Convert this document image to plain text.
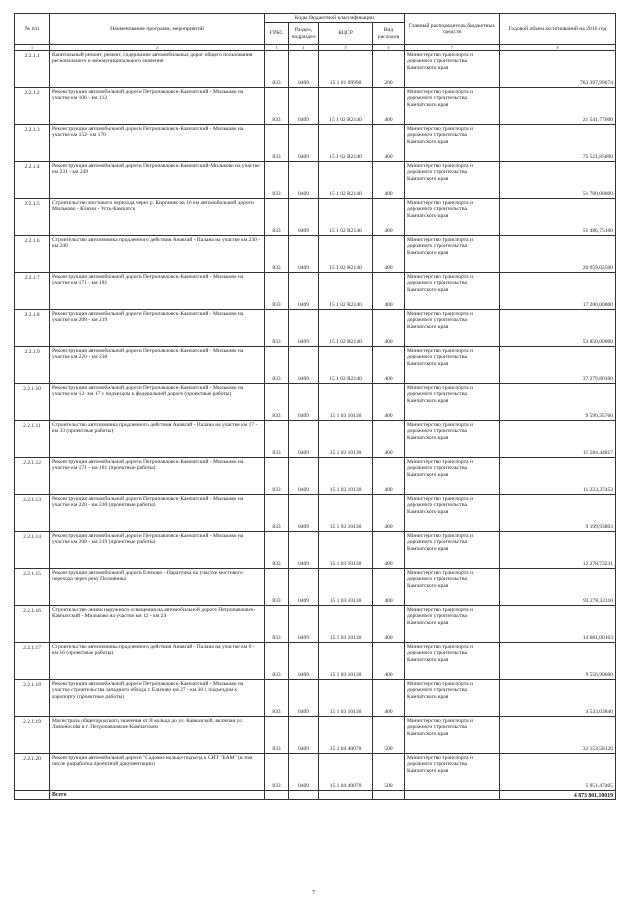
№ п/п	Наименование программ, мероприятий	Коды бюджетной классификации				Главный распорядитель бюджетных средств	Годовой объем ассигнований на 2016 год
		ГРБС	Раздел, подраздел	КЦСР	Вид расходов		
1	2	3	4	5	6	7	8
2.2.1.1	Капитальный ремонт, ремонт, содержание автомобильных дорог общего пользования регионального и межмуниципального значения	833	0409	15 1 01 09990	200	Министерство транспорта и дорожного строительства Камчатского края	763 397,99674
2.2.1.2	Реконструкция автомобильной дороги Петропавловск-Камчатский - Мильково на участке км 106 - км 112	833	0409	15 1 02 R2140	400	Министерство транспорта и дорожного строительства Камчатского края	21 541,77000
2.2.1.3	Реконструкция автомобильной дороги Петропавловск-Камчатский - Мильково на участке км 152- км 170	833	0409	15 1 02 R2140	400	Министерство транспорта и дорожного строительства Камчатского края	75 521,85800
2.2.1.4	Реконструкция автомобильной дороги Петропавловск-Камчатский-Мильково на участке км 231 - км 249	833	0409	15 1 02 R2140	400	Министерство транспорта и дорожного строительства Камчатского края	51 700,00000
2.2.1.5	Строительство мостового перехода через р. Кирганик на 16 км автомобильной дороги Мильково - Ключи - Усть-Камчатск	833	0409	15 1 02 R2140	400	Министерство транспорта и дорожного строительства Камчатского края	51 486,75100
2.2.1.6	Строительство автозимника продленного действия Анавгай - Палана на участке км 230 - км 240	833	0409	15 1 02 R2140	400	Министерство транспорта и дорожного строительства Камчатского края	20 059,02500
2.2.1.7	Реконструкция автомобильной дороги Петропавловск-Камчатский - Мильково на участке км 171 - км 181	833	0409	15 1 02 R2140	400	Министерство транспорта и дорожного строительства Камчатского края	17 200,00000
2.2.1.8	Реконструкция автомобильной дороги Петропавловск-Камчатский - Мильково на участке км 208 - км 219	833	0409	15 1 02 R2140	400	Министерство транспорта и дорожного строительства Камчатского края	53 850,00000
2.2.1.9	Реконструкция автомобильной дороги Петропавловск-Камчатский - Мильково на участке км 220 - км 230	833	0409	15 1 02 R2140	400	Министерство транспорта и дорожного строительства Камчатского края	37 279,80100
2.2.1.10	Реконструкция автомобильной дороги Петропавловск-Камчатский - Мильково на участке км 12- км 17 с подъездом к федеральной дороге (проектные работы)	833	0409	15 1 03 10130	400	Министерство транспорта и дорожного строительства Камчатского края	9 596,35760
2.2.1.11	Строительство автозимника продленного действия Анавгай - Палана на участке км 17 - км 33 (проектные работы)	833	0409	15 1 03 10130	400	Министерство транспорта и дорожного строительства Камчатского края	11 584,44817
2.2.1.12	Реконструкция автомобильной дороги Петропавловск-Камчатский - Мильково на участке км 171 - км 181 (проектные работы)	833	0409	15 1 03 10130	400	Министерство транспорта и дорожного строительства Камчатского края	11 223,37453
2.2.1.13	Реконструкция автомобильной дороги Петропавловск-Камчатский - Мильково на участке км 220 - км 230 (проектные работы)	833	0409	15 1 03 10130	400	Министерство транспорта и дорожного строительства Камчатского края	9 199,93803
2.2.1.14	Реконструкция автомобильной дороги Петропавловск-Камчатский - Мильково на участке км 208 - км 219 (проектные работы)	833	0409	15 1 03 10130	400	Министерство транспорта и дорожного строительства Камчатского края	12 378,73231
2.2.1.15	Реконструкция автомобильной дороги Елизово - Паратунка на участке мостового перехода через реку Половинка	833	0409	15 1 03 10130	400	Министерство транспорта и дорожного строительства Камчатского края	93 278,32110
2.2.1.16	Строительство линии наружного освещения на автомобильной дороге Петропавловск-Камчатский - Мильково на участке км 12 - км 24	833	0409	15 1 03 10130	400	Министерство транспорта и дорожного строительства Камчатского края	14 681,00103
2.2.1.17	Строительство автозимника продленного действия Анавгай - Палана на участке км 0 - км 16 (проектные работы)	833	0409	15 1 03 10130	400	Министерство транспорта и дорожного строительства Камчатского края	9 556,90600
2.2.1.18	Реконструкция автомобильной дороги Петропавловск-Камчатский - Мильково на участке строительства западного обхода г. Елизово км 27 - км 30 с подъездом к аэропорту (проектные работы)	833	0409	15 1 03 10130	400	Министерство транспорта и дорожного строительства Камчатского края	4 533,03840
2.2.1.19	Магистраль общегородского значения от II кольца до ул. Кавказской, включая ул. Ломоносова в г. Петропавловске-Камчатском	833	0409	15 1 04 40070	500	Министерство транспорта и дорожного строительства Камчатского края	32 153,58126
2.2.1.20	Реконструкция автомобильной дороги "Садовое кольцо-подъезд к СНТ "БАМ" (в том числе разработка проектной документации)	833	0409	15 1 04 40070	500	Министерство транспорта и дорожного строительства Камчатского края	5 951,47405
	Всего						4 873 801,10019
7
